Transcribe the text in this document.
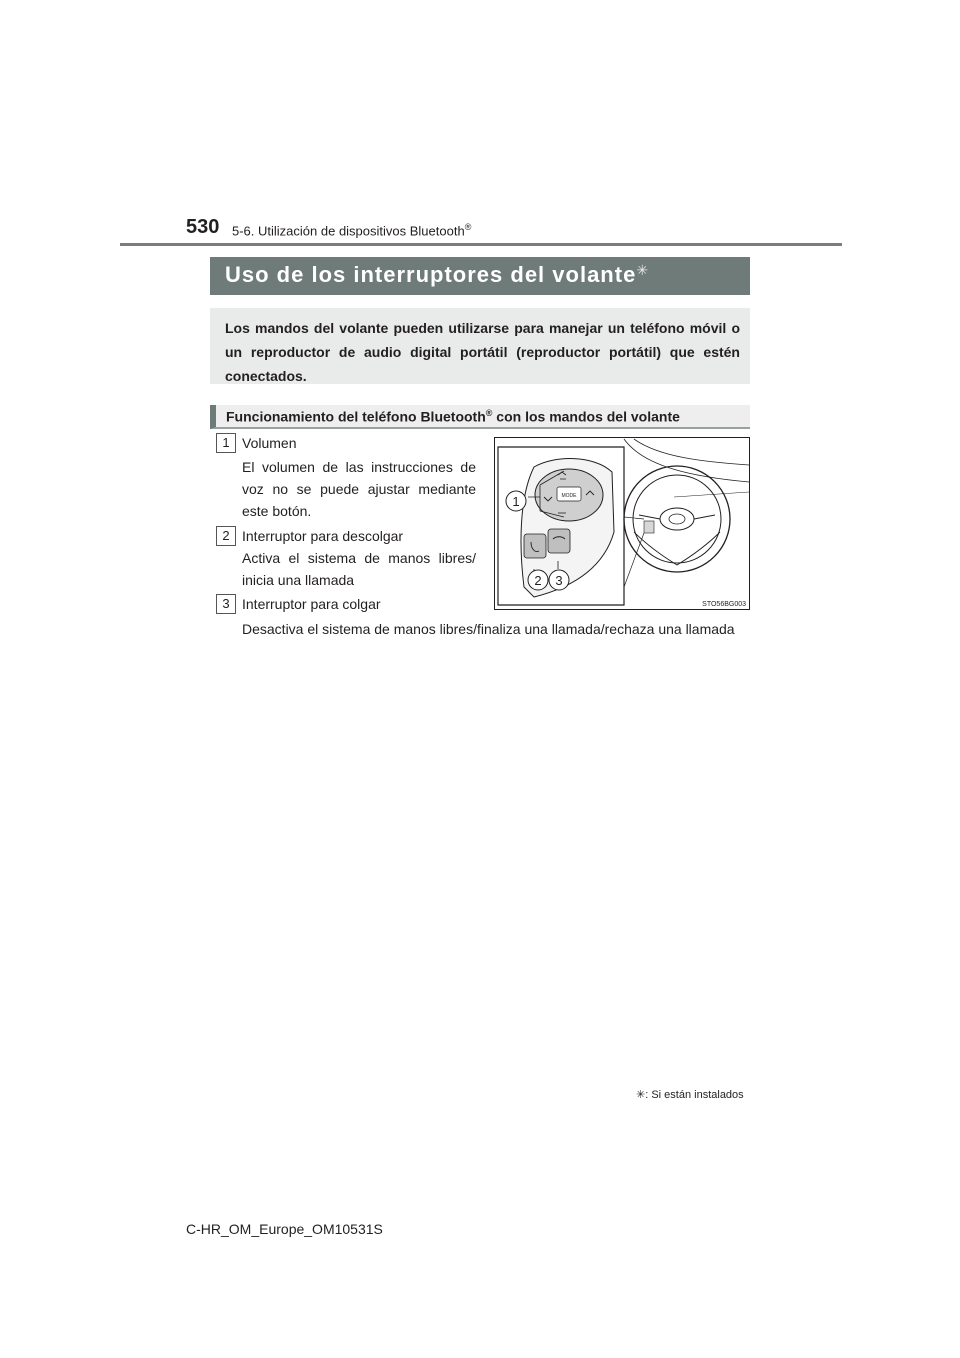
530 5-6. Utilización de dispositivos Bluetooth®
Uso de los interruptores del volante✳
Los mandos del volante pueden utilizarse para manejar un teléfono móvil o un reproductor de audio digital portátil (reproductor portátil) que estén conectados.
Funcionamiento del teléfono Bluetooth® con los mandos del volante
1 Volumen
El volumen de las instrucciones de voz no se puede ajustar mediante este botón.
2 Interruptor para descolgar
Activa el sistema de manos libres/ inicia una llamada
3 Interruptor para colgar
Desactiva el sistema de manos libres/finaliza una llamada/rechaza una llamada
MODE
1
2 3
STO56BG003
✳: Si están instalados
C-HR_OM_Europe_OM10531S
